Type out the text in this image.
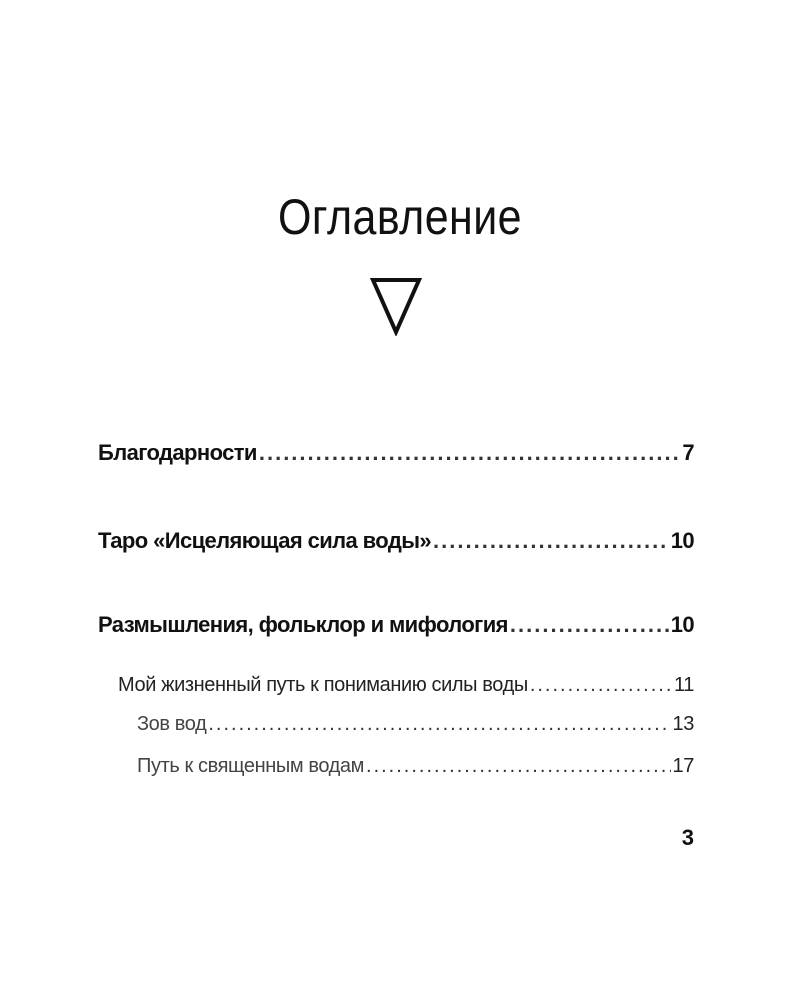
Оглавление
Благодарности .....	7
Таро «Исцеляющая сила воды» .....	10
Размышления, фольклор и мифология .....	10
Мой жизненный путь к пониманию силы воды .....	11
Зов вод .....	13
Путь к священным водам .....	17
3
